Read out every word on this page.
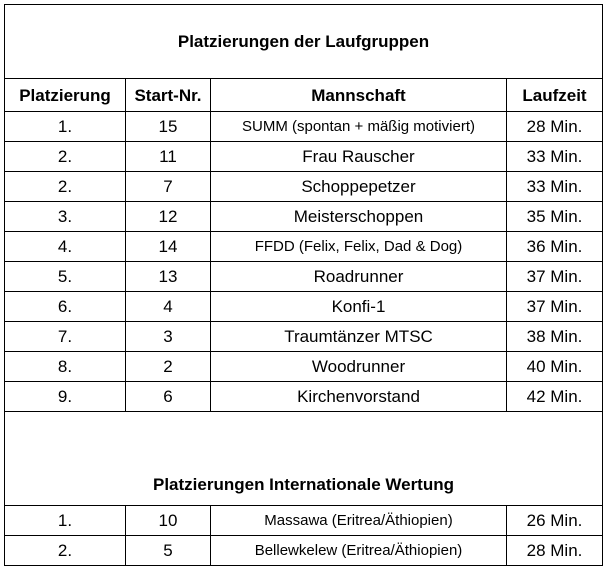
Platzierungen der Laufgruppen			
Platzierung	Start-Nr.	Mannschaft	Laufzeit
1.	15	SUMM (spontan + mäßig motiviert)	28 Min.
2.	11	Frau Rauscher	33 Min.
2.	7	Schoppepetzer	33 Min.
3.	12	Meisterschoppen	35 Min.
4.	14	FFDD (Felix, Felix, Dad & Dog)	36 Min.
5.	13	Roadrunner	37 Min.
6.	4	Konfi-1	37 Min.
7.	3	Traumtänzer MTSC	38 Min.
8.	2	Woodrunner	40 Min.
9.	6	Kirchenvorstand	42 Min.

Platzierungen Internationale Wertung			
1.	10	Massawa (Eritrea/Äthiopien)	26 Min.
2.	5	Bellewkelew (Eritrea/Äthiopien)	28 Min.
